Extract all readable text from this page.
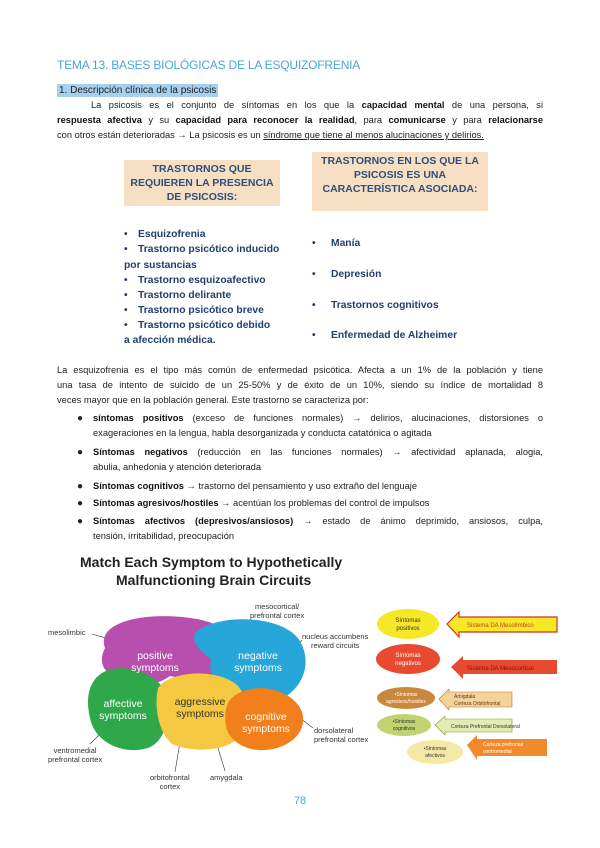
TEMA 13. BASES BIOLÓGICAS DE LA ESQUIZOFRENIA
1. Descripción clínica de la psicosis
La psicosis es el conjunto de síntomas en los que la capacidad mental de una persona, si
respuesta afectiva y su capacidad para reconocer la realidad, para comunicarse y para relacionarse
con otros están deterioradas → La psicosis es un síndrome que tiene al menos alucinaciones y delirios.
TRASTORNOS QUE REQUIEREN LA PRESENCIA DE PSICOSIS:
TRASTORNOS EN LOS QUE LA PSICOSIS ES UNA CARACTERÍSTICA ASOCIADA:
• Esquizofrenia
• Trastorno psicótico inducido
por sustancias
• Trastorno esquizoafectivo
• Trastorno delirante
• Trastorno psicótico breve
• Trastorno psicótico debido
a afección médica.
• Manía
• Depresión
• Trastornos cognitivos
• Enfermedad de Alzheimer
La esquizofrenia es el tipo más común de enfermedad psicótica. Afecta a un 1% de la población y tiene
una tasa de intento de suicido de un 25-50% y de éxito de un 10%, siendo su índice de mortalidad 8
veces mayor que en la población general. Este trastorno se caracteriza por:
● síntomas positivos (exceso de funciones normales) → delirios, alucinaciones, distorsiones o
exageraciones en la lengua, habla desorganizada y conducta catatónica o agitada
● Síntomas negativos (reducción en las funciones normales) → afectividad aplanada, alogia,
abulia, anhedonia y atención deteriorada
● Síntomas cognitivos → trastorno del pensamiento y uso extraño del lenguaje
● Síntomas agresivos/hostiles → acentúan los problemas del control de impulsos
● Síntomas afectivos (depresivos/ansiosos) → estado de ánimo deprimido, ansiosos, culpa,
tensión, irritabilidad, preocupación
Match Each Symptom to Hypothetically
Malfunctioning Brain Circuits
positive
symptoms
negative
symptoms
affective
symptoms
aggressive
symptoms cognitive
symptoms
mesolimbic
mesocortical/
prefrontal cortex
nucleus accumbens
reward circuits
dorsolateral
prefrontal cortex
ventromedial
prefrontal cortex
orbitofrontal
cortex
amygdala
Síntomas
positivos	Sistema DA Mesolímbico
Síntomas
negativos
Sistema DA Mesocortical
•Síntomas
agresivos/hostiles
Amígdala
Corteza Orbitofrontal
•Síntomas
cognitivos	Corteza Prefrontal Dorsolateral
•Síntomas
afectivos
Corteza prefrontal
ventromedial
78
